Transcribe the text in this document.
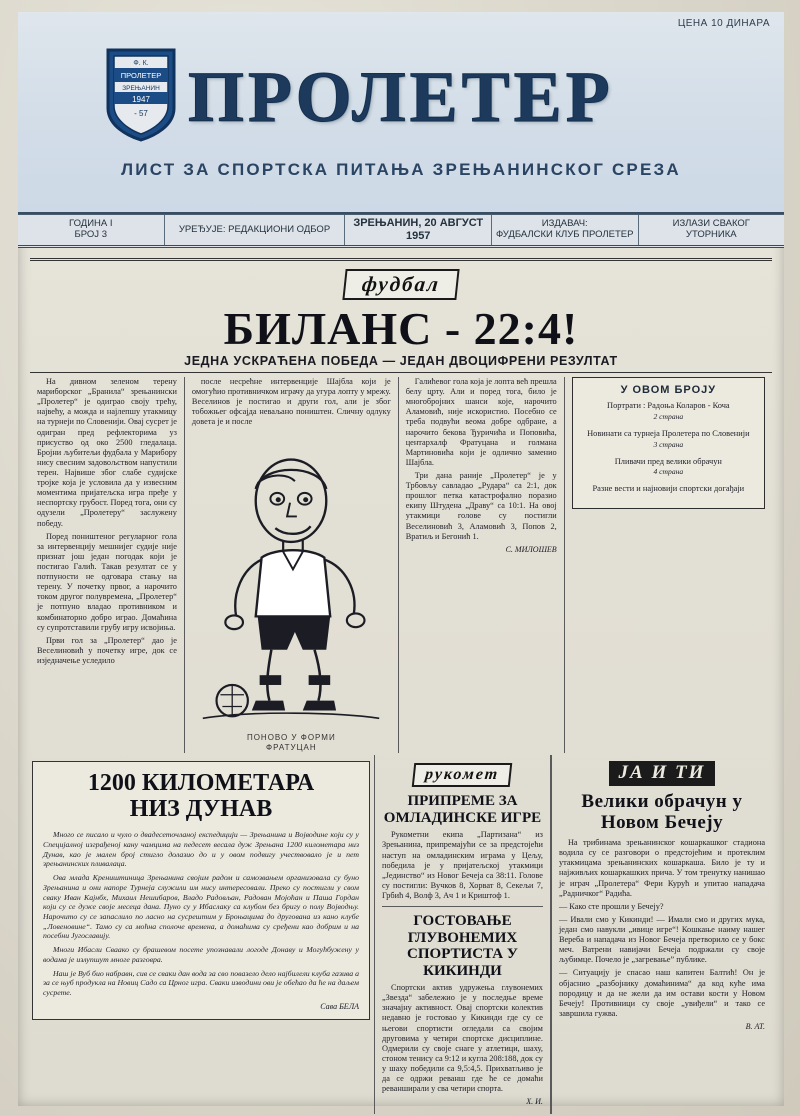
ЦЕНА 10 ДИНАРА
Ф. К.
ПРОЛЕТЕР
ЗРЕЊАНИН
1947
- 57 ПРОЛЕТЕР
ЛИСТ ЗА СПОРТСКА ПИТАЊА ЗРЕЊАНИНСКОГ СРЕЗА
ГОДИНА I
БРОЈ 3	УРЕЂУЈЕ: РЕДАКЦИОНИ ОДБОР	ЗРЕЊАНИН, 20 АВГУСТ 1957
ИЗДАВАЧ:
ФУДБАЛСКИ КЛУБ ПРОЛЕТЕР
ИЗЛАЗИ СВАКОГ
УТОРНИКА
фудбал
БИЛАНС - 22:4!
ЈЕДНА УСКРАЋЕНА ПОБЕДА — ЈЕДАН ДВОЦИФРЕНИ РЕЗУЛТАТ

На дивном зеленом терену мариборског „Бранила“ зрењанински „Пролетер“ је одиграо своју трећу, највећу, а можда и најлепшу утакмицу на турнеји по Словенији. Овај сусрет је одигран пред рефлекторима уз присуство од око 2500 гледалаца. Бројни љубитељи фудбала у Марибору нису свесним задовољством напустили терен. Највише због слабе судијске тројке која је условила да у извесним моментима пријатељска игра пређе у неспортску грубост. Поред тога, они су одузели „Пролетеру“ заслужену победу.

Поред поништеног регуларног гола за интервенцију мешнијег судије није признат још један погодак који је постигао Галић. Такав резултат се у потпуности не одговара стању на терену. У почетку првог, а нарочито током другог полувремена, „Пролетер“ је потпуно владао противником и комбинаторно добро играо. Домаћина су супротставили грубу игру исвојиња.

Први гол за „Пролетер“ дао је Веселиновић у почетку игре, док се изједначење уследило

после несрећне интервенције Шајбла који је омогућио противничком играчу да угура лопту у мрежу. Веселинов је постигао и други гол, али је због тобожњег офсајда неваљано поништен. Сличну одлуку довета је и после

ПОНОВО У ФОРМИ
ФРАТУЦАН

Галићевог гола која је лопта већ прешла белу црту. Али и поред тога, било је многобројних шанси које, нарочито Аламовић, није искористио. Посебно се треба подвући веома добре одбране, а нарочито бекова Ђуричића и Поповића, центархалф Фратуцана и голмана Мартиновића који је одлично заменио Шајбла.

Три дана раније „Пролетер“ је у Трбовљу савладао „Рудара“ са 2:1, док прошлог петка катастрофално поразио екипу Штудена „Драву“ са 10:1. На овој утакмици голове су постигли Веселиновић 3, Аламовић 3, Попов 2, Вратиљ и Бегонић 1.

С. МИЛОШЕВ

У ОВОМ БРОЈУ
Портрати : Радоња Коларов - Коча
2 страна
Новинати са турнеја Пролетера по Словенији
3 страна
Пливачи пред велики обрачун
4 страна
Разне вести и најновији спортски догађаји
1200 КИЛОМЕТАРА
НИЗ ДУНАВ

Много се писало и чуло о двадесеточланој експедицији — Зрењанина и Војводине који су у Специјалној изграђеној кану чамцима на педесет весала дуж Зрењана 1200 километара низ Дунав, као је мален број стигло долазио до и у овом подвигу учествовало је и пет зрењанинских пливалаца.

Ова млада Креништиница Зрењанина својим радом и самозвањем организовала су буно Зрењанина и они напоре Турнеја служили им нису интересовали. Преко су постигли у свом сваку Иван Кајнбх, Михаил Нешибаров, Владо Радовљан, Радован Мојоћан и Паша Гордан који су се дуже своје месеца дана. Пуно су у Ибаслаку са клубом без бригу о полу Војводњу. Нарочито су се запаслило по ласно на сусрештим у Броњацима до другована из кано клубе „Ловеновине“. Тамо су са моћна сполоче времена, а домаћима су сређени као добрим и на посебни Југославију.

Многи Ибасли Сваако су брашевом посете упознавали логоде Донаву и Могућбужену у водама је излупшут многе разговра.

Наш је Вуб био набравн, сив се сваки дан вода за сво повазело дело најбилели клуба газива а за се њуб продукла на Новиц Садо са Црног игра. Сваки изводини ови је обећао да ће на даљем сусрете.

Сава БЕЛА
рукомет
ПРИПРЕМЕ ЗА ОМЛАДИНСКЕ ИГРЕ

Рукометни екипа „Партизана“ из Зрењанина, припремајући се за предстојећи наступ на омладинским играма у Цељу, победила је у пријатељској утакмици „Јединство“ из Новог Бечеја са 38:11. Голове су постигли: Вучков 8, Хорват 8, Секељи 7, Грбић 4, Волф 3, Ач 1 и Криштоф 1.

ГОСТОВАЊЕ ГЛУВОНЕМИХ СПОРТИСТА У КИКИНДИ

Спортски актив удружења глувонемих „Звезда“ забележио је у последње време значајну активност. Овај спортски колектив недавно је гостовао у Кикинди где су се његови спортисти огледали са својим друговима у четири спортске дисциплине. Одмерили су своје снаге у атлетици, шаху, стоном тенису са 9:12 и кугла 208:188, док су у шаху победили са 9,5:4,5. Прихватљиво је да се одржи реванш где ће се домаћи реванширали у сва четири спорта.

Х. И.

ЈА И ТИ
Велики обрачун у Новом Бечеју

На трибинама зрењанинског кошаркашког стадиона водила су се разговори о предстојећим и протеклим утакмицама зрењанинских кошаркаша. Било је ту и најживљих кошаркашких прича. У том тренутку нанишао је играч „Пролетера“ Фери Курућ и упитао нападача „Радничког“ Радића.

— Како сте прошли у Бечеју?

— Ивали смо у Кикинди! — Имали смо и других мука, један смо навукли „ивице игре“! Кошкање наиму нашег Вереба и нападача из Новог Бечеја претворило се у бокс меч. Ватрени навијачи Бечеја подржали су своје љубимце. Почело је „загревање” публике.

— Ситуацију је спасао наш капитен Балтић! Он је објаснио „разбојнику домаћинима“ да код куће има породицу и да не жели да им остави кости у Новом Бечеју! Противници су своје „увиђели“ и тако се завршила гужва.

В. АТ.
